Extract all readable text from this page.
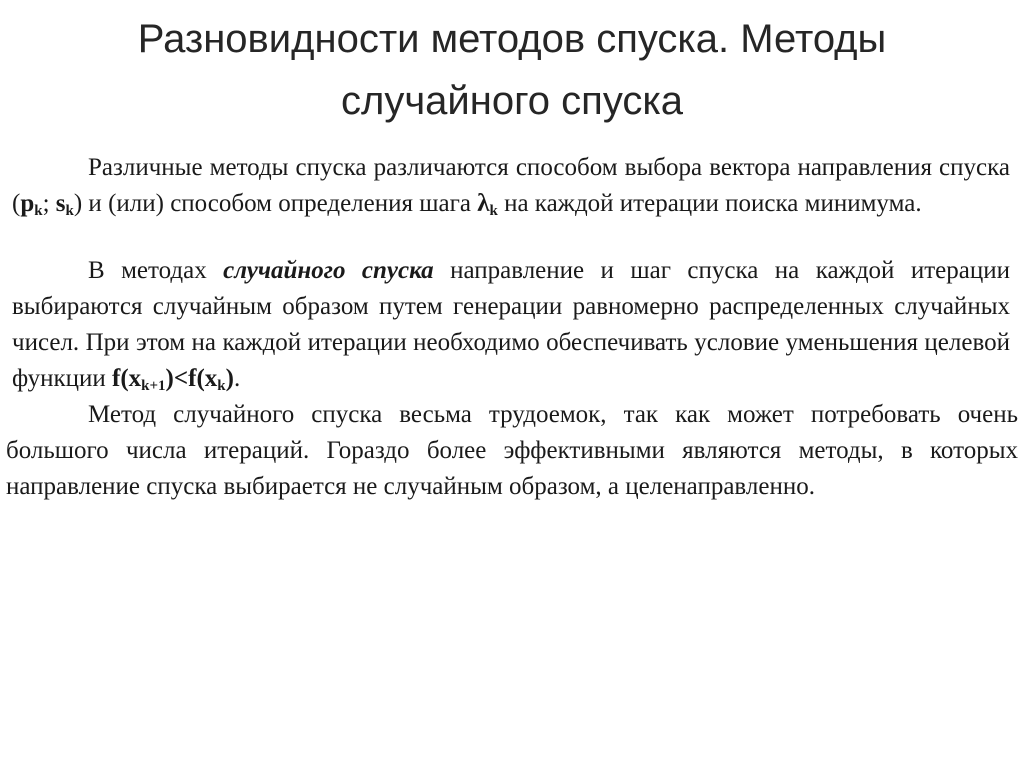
Разновидности методов спуска. Методы
случайного спуска
Различные методы спуска различаются способом выбора вектора направления спуска ($p_k$; $s_k$) и (или) способом определения шага $\lambda_k$ на каждой итерации поиска минимума.
В методах случайного спуска направление и шаг спуска на каждой итерации выбираются случайным образом путем генерации равномерно распределенных случайных чисел. При этом на каждой итерации необходимо обеспечивать условие уменьшения целевой функции $f(x_{k+1})<f(x_k)$.
Метод случайного спуска весьма трудоемок, так как может потребовать очень большого числа итераций. Гораздо более эффективными являются методы, в которых направление спуска выбирается не случайным образом, а целенаправленно.
